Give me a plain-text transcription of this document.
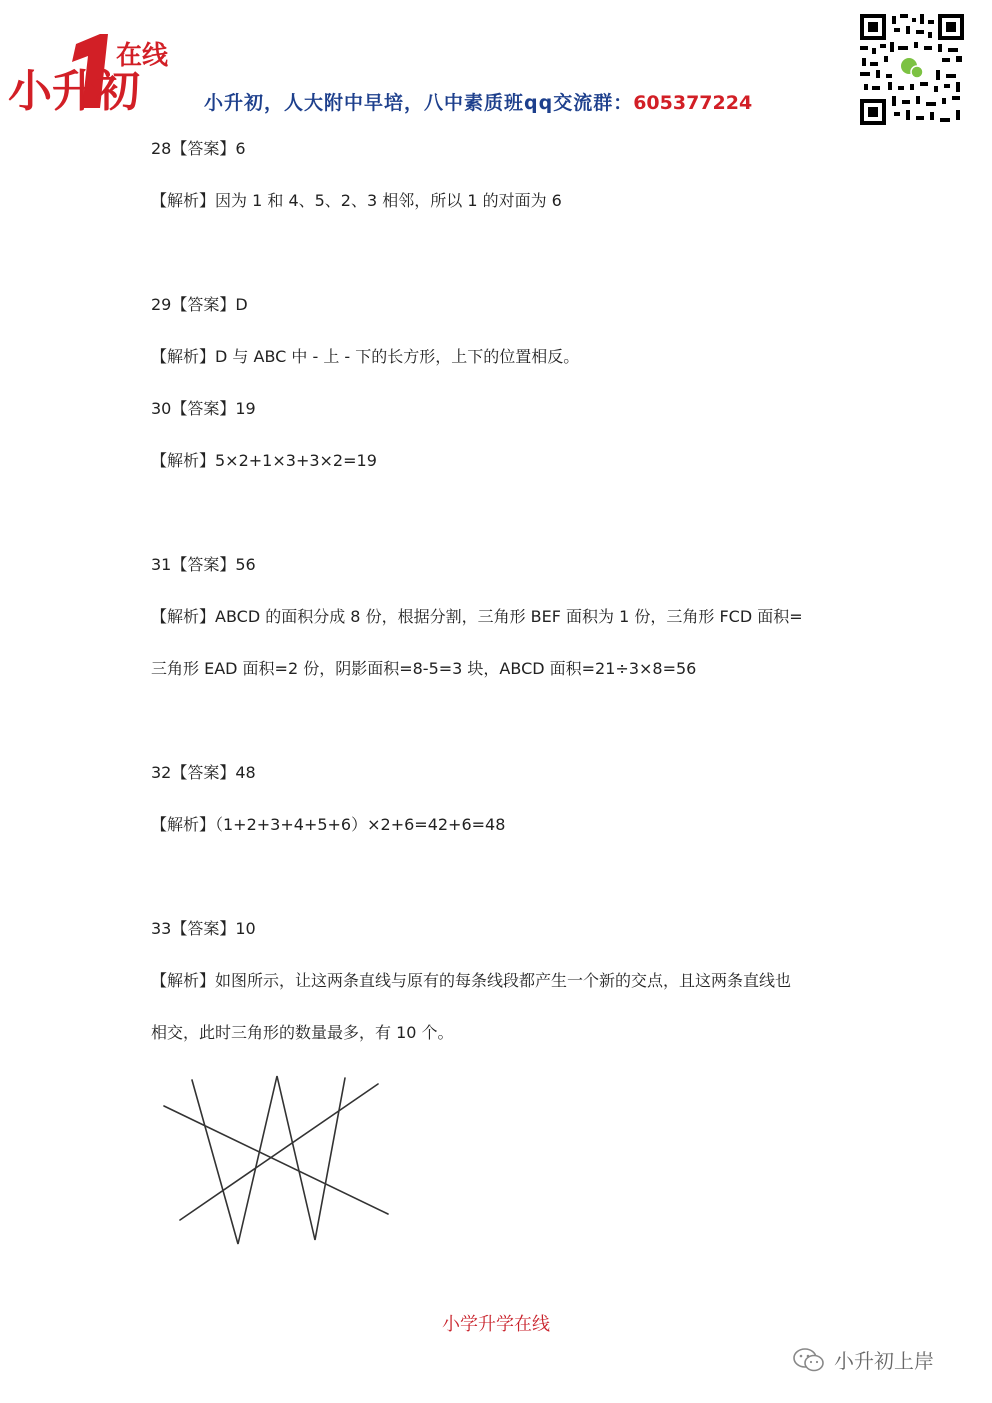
小升初
在线
小升初，人大附中早培，八中素质班qq交流群：605377224
28【答案】6
【解析】因为 1 和 4、5、2、3 相邻，所以 1 的对面为 6
29【答案】D
【解析】D 与 ABC 中 - 上 - 下的长方形，上下的位置相反。
30【答案】19
【解析】5×2+1×3+3×2=19
31【答案】56
【解析】ABCD 的面积分成 8 份，根据分割，三角形 BEF 面积为 1 份，三角形 FCD 面积=
三角形 EAD 面积=2 份，阴影面积=8-5=3 块，ABCD 面积=21÷3×8=56
32【答案】48
【解析】（1+2+3+4+5+6）×2+6=42+6=48
33【答案】10
【解析】如图所示，让这两条直线与原有的每条线段都产生一个新的交点，且这两条直线也
相交，此时三角形的数量最多，有 10 个。
小学升学在线
小升初上岸
